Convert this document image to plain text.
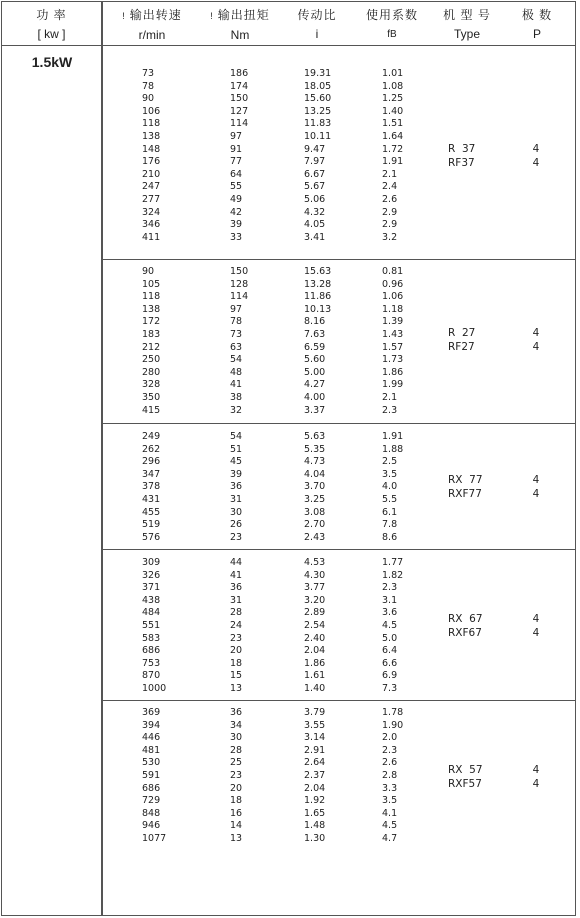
功 率
[ kw ]
! 输出转速
r/min
! 输出扭矩
Nm
传动比
i
使用系数
fB
机 型 号
Type
极 数
P
1.5kW
73
78
90
106
118
138
148
176
210
247
277
324
346
411
186
174
150
127
114
97
91
77
64
55
49
42
39
33
19.31
18.05
15.60
13.25
11.83
10.11
9.47
7.97
6.67
5.67
5.06
4.32
4.05
3.41
1.01
1.08
1.25
1.40
1.51
1.64
1.72
1.91
2.1
2.4
2.6
2.9
2.9
3.2
R  37
RF37
4
4
90
105
118
138
172
183
212
250
280
328
350
415
150
128
114
97
78
73
63
54
48
41
38
32
15.63
13.28
11.86
10.13
8.16
7.63
6.59
5.60
5.00
4.27
4.00
3.37
0.81
0.96
1.06
1.18
1.39
1.43
1.57
1.73
1.86
1.99
2.1
2.3
R  27
RF27
4
4
249
262
296
347
378
431
455
519
576
54
51
45
39
36
31
30
26
23
5.63
5.35
4.73
4.04
3.70
3.25
3.08
2.70
2.43
1.91
1.88
2.5
3.5
4.0
5.5
6.1
7.8
8.6
RX  77
RXF77
4
4
309
326
371
438
484
551
583
686
753
870
1000
44
41
36
31
28
24
23
20
18
15
13
4.53
4.30
3.77
3.20
2.89
2.54
2.40
2.04
1.86
1.61
1.40
1.77
1.82
2.3
3.1
3.6
4.5
5.0
6.4
6.6
6.9
7.3
RX  67
RXF67
4
4
369
394
446
481
530
591
686
729
848
946
1077
36
34
30
28
25
23
20
18
16
14
13
3.79
3.55
3.14
2.91
2.64
2.37
2.04
1.92
1.65
1.48
1.30
1.78
1.90
2.0
2.3
2.6
2.8
3.3
3.5
4.1
4.5
4.7
RX  57
RXF57
4
4
